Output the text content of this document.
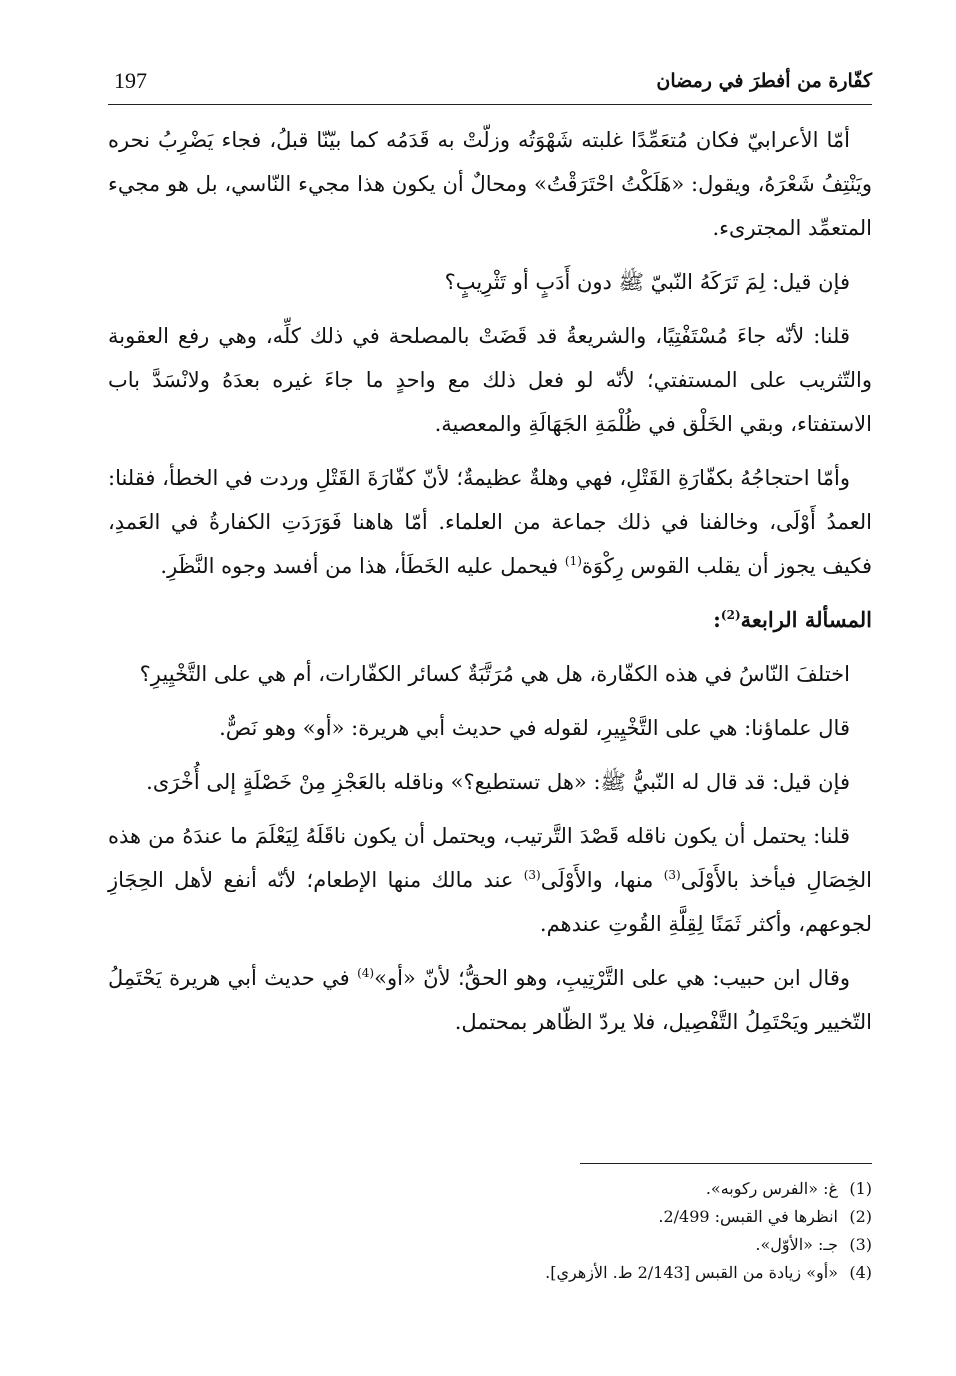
197	كفّارة من أفطرَ في رمضان

أمّا الأعرابيّ فكان مُتعَمِّدًا غلبته شَهْوَتُه وزلّتْ به قَدَمُه كما بيّنّا قبلُ، فجاء يَضْرِبُ نحره ويَنْتِفُ شَعْرَهُ، ويقول: «هَلَكْتُ احْتَرَقْتُ» ومحالٌ أن يكون هذا مجيء النّاسي، بل هو مجيء المتعمِّد المجترىء.

فإن قيل: لِمَ تَرَكَهُ النّبيّ ﷺ دون أَدَبٍ أو تَثْرِيبٍ؟

قلنا: لأنّه جاءَ مُسْتَفْتِيًا، والشريعةُ قد قَضَتْ بالمصلحة في ذلك كلِّه، وهي رفع العقوبة والتّثريب على المستفتي؛ لأنّه لو فعل ذلك مع واحدٍ ما جاءَ غيره بعدَهُ ولانْسَدَّ باب الاستفتاء، وبقي الخَلْق في ظُلْمَةِ الجَهَالَةِ والمعصية.

وأمّا احتجاجُهُ بكفّارَةِ القَتْلِ، فهي وهلةٌ عظيمةٌ؛ لأنّ كفّارَةَ القَتْلِ وردت في الخطأ، فقلنا: العمدُ أَوْلَى، وخالفنا في ذلك جماعة من العلماء. أمّا هاهنا فَوَرَدَتِ الكفارةُ في العَمدِ، فكيف يجوز أن يقلب القوس رِكْوَة$^{(1)}$ فيحمل عليه الخَطَأ، هذا من أفسد وجوه النَّظَرِ.

المسألة الرابعة$^{(2)}$:

اختلفَ النّاسُ في هذه الكفّارة، هل هي مُرَتَّبَةٌ كسائر الكفّارات، أم هي على التَّخْيِيرِ؟

قال علماؤنا: هي على التَّخْيِيرِ، لقوله في حديث أبي هريرة: «أو» وهو نَصٌّ.

فإن قيل: قد قال له النّبيُّ ﷺ: «هل تستطيع؟» وناقله بالعَجْزِ مِنْ خَصْلَةٍ إلى أُخْرَى.

قلنا: يحتمل أن يكون ناقله قَصْدَ التَّرتيب، ويحتمل أن يكون ناقَلَهُ لِيَعْلَمَ ما عندَهُ من هذه الخِصَالِ فيأخذ بالأَوْلَى$^{(3)}$ منها، والأَوْلَى$^{(3)}$ عند مالك منها الإطعام؛ لأنّه أنفع لأهل الحِجَازِ لجوعهم، وأكثر ثَمَنًا لِقِلَّةِ القُوتِ عندهم.

وقال ابن حبيب: هي على التَّرْتِيبِ، وهو الحقُّ؛ لأنّ «أو»$^{(4)}$ في حديث أبي هريرة يَحْتَمِلُ التّخيير ويَحْتَمِلُ التَّفْصِيل، فلا يردّ الظّاهر بمحتمل.

(1)
غ: «الفرس ركوبه».
(2)
انظرها في القبس: 2/499.
(3)
جـ: «الأوّل».
(4)
«أو» زيادة من القبس [2/143 ط. الأزهري].
